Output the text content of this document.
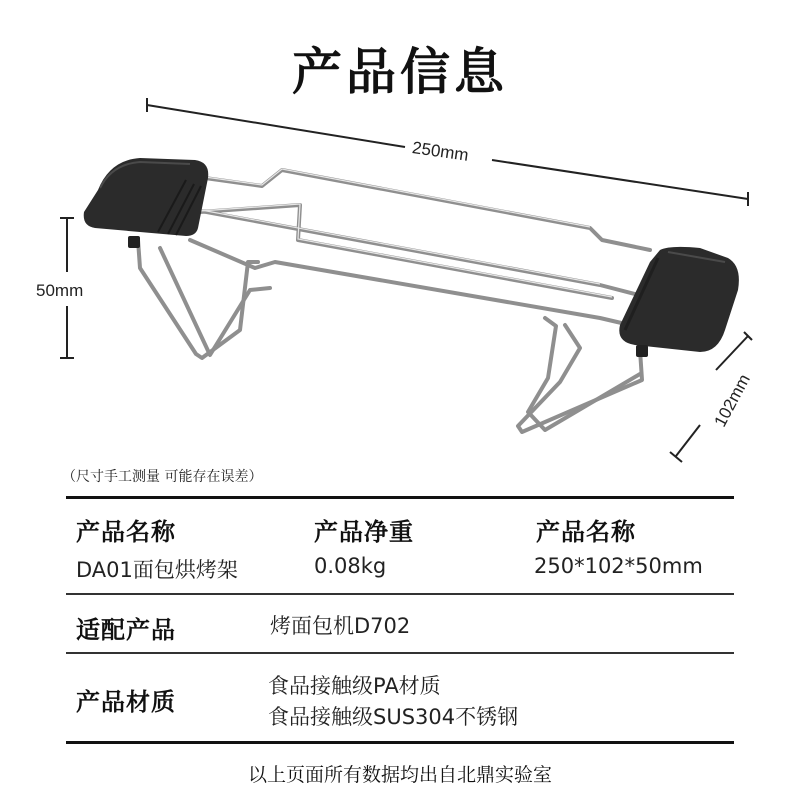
产品信息
250mm
50mm
102mm
（尺寸手工测量 可能存在误差）
产品名称
DA01面包烘烤架
产品净重
0.08kg
产品名称
250*102*50mm
适配产品	烤面包机D702
产品材质
食品接触级PA材质
食品接触级SUS304不锈钢
以上页面所有数据均出自北鼎实验室
